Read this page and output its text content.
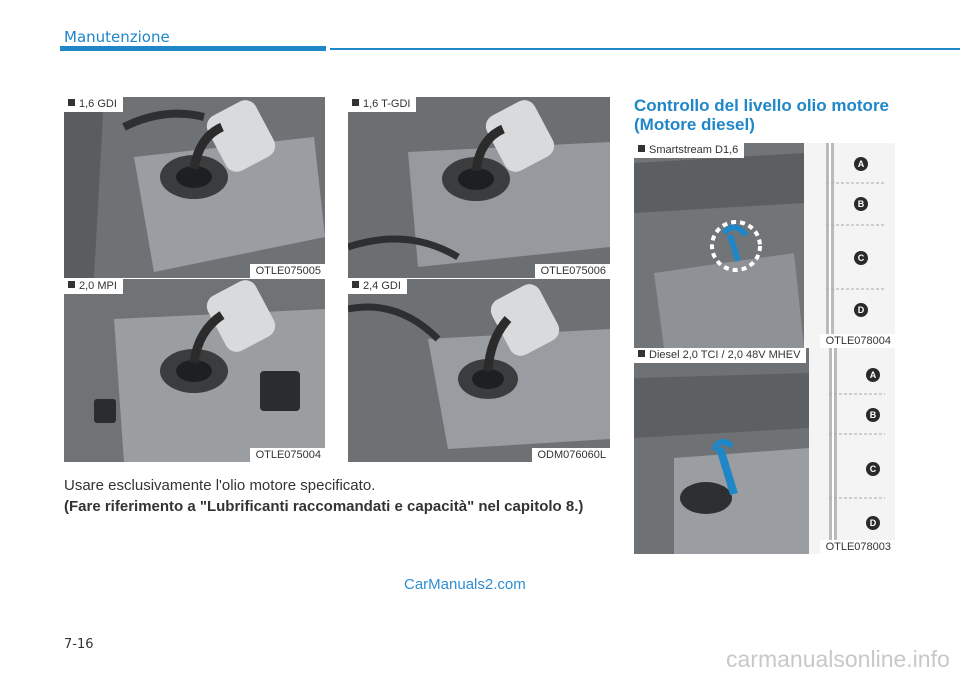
Manutenzione
1,6 GDI
OTLE075005
1,6 T-GDI
OTLE075006
2,0 MPI
OTLE075004
2,4 GDI
ODM076060L
Usare esclusivamente l'olio motore specificato.
(Fare riferimento a "Lubrificanti raccomandati e capacità" nel capitolo 8.)
Controllo del livello olio motore (Motore diesel)
A
B
C
D
Smartstream D1,6
OTLE078004
A
B
C
D
Diesel 2,0 TCI / 2,0 48V MHEV
OTLE078003
CarManuals2.com
7-16
carmanualsonline.info
